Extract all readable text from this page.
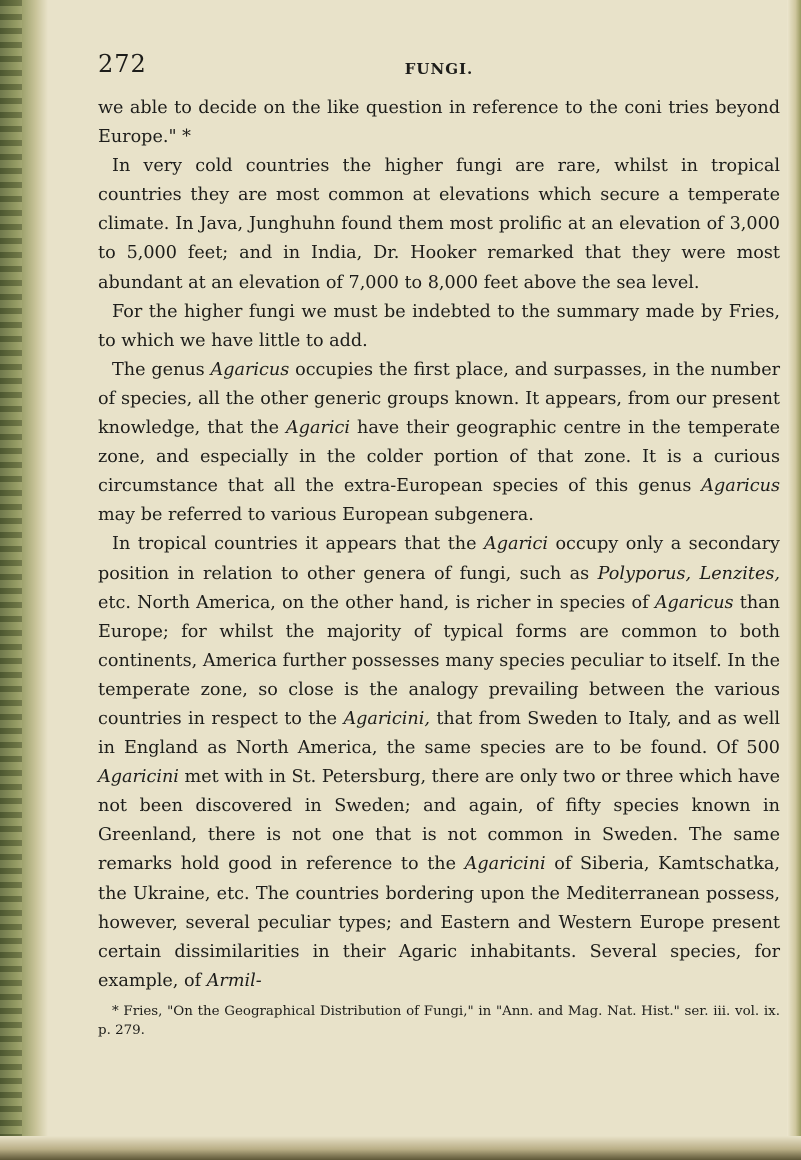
272	FUNGI.

we able to decide on the like question in reference to the coni tries beyond Europe." *

In very cold countries the higher fungi are rare, whilst in tropical countries they are most common at elevations which secure a temperate climate. In Java, Junghuhn found them most prolific at an elevation of 3,000 to 5,000 feet; and in India, Dr. Hooker remarked that they were most abundant at an elevation of 7,000 to 8,000 feet above the sea level.

For the higher fungi we must be indebted to the summary made by Fries, to which we have little to add.

The genus Agaricus occupies the first place, and surpasses, in the number of species, all the other generic groups known. It appears, from our present knowledge, that the Agarici have their geographic centre in the temperate zone, and especially in the colder portion of that zone. It is a curious circumstance that all the extra-European species of this genus Agaricus may be referred to various European subgenera.

In tropical countries it appears that the Agarici occupy only a secondary position in relation to other genera of fungi, such as Polyporus, Lenzites, etc. North America, on the other hand, is richer in species of Agaricus than Europe; for whilst the majority of typical forms are common to both continents, America further possesses many species peculiar to itself. In the temperate zone, so close is the analogy prevailing between the various countries in respect to the Agaricini, that from Sweden to Italy, and as well in England as North America, the same species are to be found. Of 500 Agaricini met with in St. Petersburg, there are only two or three which have not been discovered in Sweden; and again, of fifty species known in Greenland, there is not one that is not common in Sweden. The same remarks hold good in reference to the Agaricini of Siberia, Kamtschatka, the Ukraine, etc. The countries bordering upon the Mediterranean possess, however, several peculiar types; and Eastern and Western Europe present certain dissimilarities in their Agaric inhabitants. Several species, for example, of Armil-

* Fries, "On the Geographical Distribution of Fungi," in "Ann. and Mag. Nat. Hist." ser. iii. vol. ix. p. 279.
